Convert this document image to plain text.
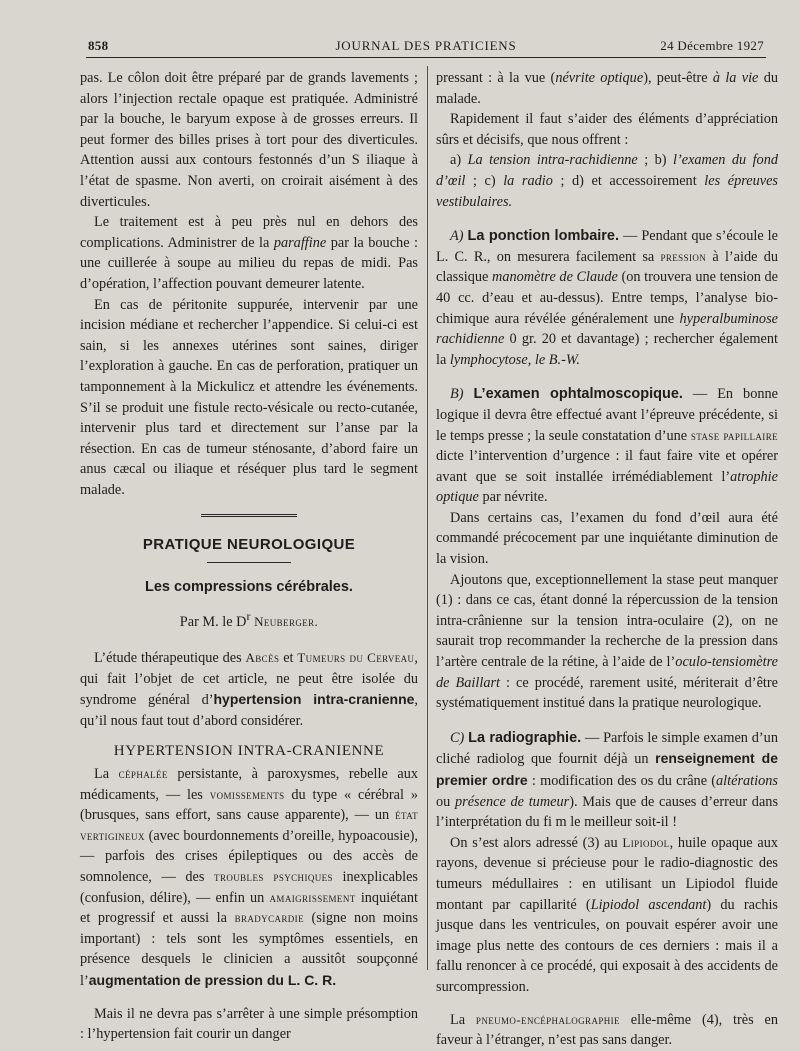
858	JOURNAL DES PRATICIENS	24 Décembre 1927

pas. Le côlon doit être préparé par de grands lavements ; alors l’injection rectale opaque est pratiquée. Administré par la bouche, le baryum expose à de grosses erreurs. Il peut former des billes prises à tort pour des diverticules. Attention aussi aux contours festonnés d’un S iliaque à l’état de spasme. Non averti, on croirait aisément à des diverticules.

Le traitement est à peu près nul en dehors des complications. Administrer de la paraffine par la bouche : une cuillerée à soupe au milieu du repas de midi. Pas d’opération, l’affection pouvant demeurer latente.

En cas de péritonite suppurée, intervenir par une incision médiane et rechercher l’appendice. Si celui-ci est sain, si les annexes utérines sont saines, diriger l’exploration à gauche. En cas de perforation, pratiquer un tamponnement à la Mickulicz et attendre les événements. S’il se produit une fistule recto-vésicale ou recto-cutanée, intervenir plus tard et directement sur l’anse par la résection. En cas de tumeur sténosante, d’abord faire un anus cæcal ou iliaque et réséquer plus tard le segment malade.

PRATIQUE NEUROLOGIQUE
Les compressions cérébrales.
Par M. le $D^r$ Neuberger.

L’étude thérapeutique des Abcès et Tumeurs du Cerveau, qui fait l’objet de cet article, ne peut être isolée du syndrome général d’hypertension intra-cranienne, qu’il nous faut tout d’abord considérer.

HYPERTENSION INTRA-CRANIENNE

La céphalée persistante, à paroxysmes, rebelle aux médicaments, — les vomissements du type « cérébral » (brusques, sans effort, sans cause apparente), — un état vertigineux (avec bourdonnements d’oreille, hypoacousie), — parfois des crises épileptiques ou des accès de somnolence, — des troubles psychiques inexplicables (confusion, délire), — enfin un amaigrissement inquiétant et progressif et aussi la bradycardie (signe non moins important) : tels sont les symptômes essentiels, en présence desquels le clinicien a aussitôt soupçonné l’augmentation de pression du L. C. R.

Mais il ne devra pas s’arrêter à une simple présomption : l’hypertension fait courir un danger

pressant : à la vue (névrite optique), peut-être à la vie du malade.

Rapidement il faut s’aider des éléments d’appréciation sûrs et décisifs, que nous offrent :

a) La tension intra-rachidienne ; b) l’examen du fond d’œil ; c) la radio ; d) et accessoirement les épreuves vestibulaires.

A) La ponction lombaire. — Pendant que s’écoule le L. C. R., on mesurera facilement sa pression à l’aide du classique manomètre de Claude (on trouvera une tension de 40 cc. d’eau et au-dessus). Entre temps, l’analyse bio-chimique aura révélée généralement une hyperalbuminose rachidienne 0 gr. 20 et davantage) ; rechercher également la lymphocytose, le B.-W.

B) L’examen ophtalmoscopique. — En bonne logique il devra être effectué avant l’épreuve précédente, si le temps presse ; la seule constatation d’une stase papillaire dicte l’intervention d’urgence : il faut faire vite et opérer avant que se soit installée irrémédiablement l’atrophie optique par névrite.

Dans certains cas, l’examen du fond d’œil aura été commandé précocement par une inquiétante diminution de la vision.

Ajoutons que, exceptionnellement la stase peut manquer (1) : dans ce cas, étant donné la répercussion de la tension intra-crânienne sur la tension intra-oculaire (2), on ne saurait trop recommander la recherche de la pression dans l’artère centrale de la rétine, à l’aide de l’oculo-tensiomètre de Baillart : ce procédé, rarement usité, mériterait d’être systématiquement institué dans la pratique neurologique.

C) La radiographie. — Parfois le simple examen d’un cliché radiolog que fournit déjà un renseignement de premier ordre : modification des os du crâne (altérations ou présence de tumeur). Mais que de causes d’erreur dans l’interprétation du fi m le meilleur soit-il !

On s’est alors adressé (3) au Lipiodol, huile opaque aux rayons, devenue si précieuse pour le radio-diagnostic des tumeurs médullaires : en utilisant un Lipiodol fluide montant par capillarité (Lipiodol ascendant) du rachis jusque dans les ventricules, on pouvait espérer avoir une image plus nette des contours de ces derniers : mais il a fallu renoncer à ce procédé, qui exposait à des accidents de surcompression.

La pneumo-encéphalographie elle-même (4), très en faveur à l’étranger, n’est pas sans danger.
